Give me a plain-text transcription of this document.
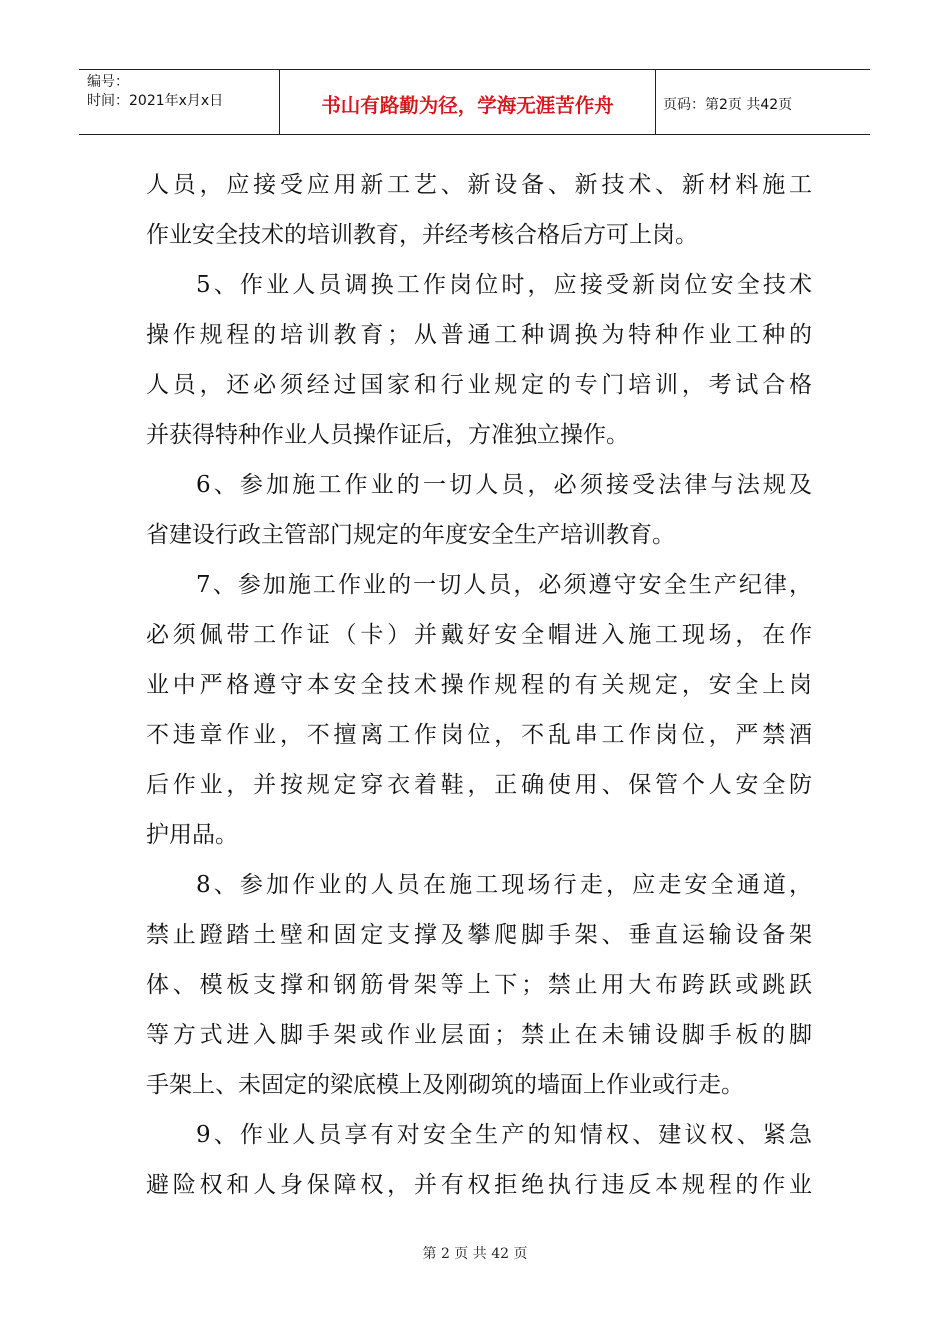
编号：
时间：2021年x月x日	书山有路勤为径，学海无涯苦作舟	页码：第2页 共42页
人员，应接受应用新工艺、新设备、新技术、新材料施工
作业安全技术的培训教育，并经考核合格后方可上岗。
5、作业人员调换工作岗位时，应接受新岗位安全技术
操作规程的培训教育；从普通工种调换为特种作业工种的
人员，还必须经过国家和行业规定的专门培训，考试合格
并获得特种作业人员操作证后，方准独立操作。
6、参加施工作业的一切人员，必须接受法律与法规及
省建设行政主管部门规定的年度安全生产培训教育。
7、参加施工作业的一切人员，必须遵守安全生产纪律，
必须佩带工作证（卡）并戴好安全帽进入施工现场，在作
业中严格遵守本安全技术操作规程的有关规定，安全上岗
不违章作业，不擅离工作岗位，不乱串工作岗位，严禁酒
后作业，并按规定穿衣着鞋，正确使用、保管个人安全防
护用品。
8、参加作业的人员在施工现场行走，应走安全通道，
禁止蹬踏土壁和固定支撑及攀爬脚手架、垂直运输设备架
体、模板支撑和钢筋骨架等上下；禁止用大布跨跃或跳跃
等方式进入脚手架或作业层面；禁止在未铺设脚手板的脚
手架上、未固定的梁底模上及刚砌筑的墙面上作业或行走。
9、作业人员享有对安全生产的知情权、建议权、紧急
避险权和人身保障权，并有权拒绝执行违反本规程的作业
第 2 页 共 42 页
